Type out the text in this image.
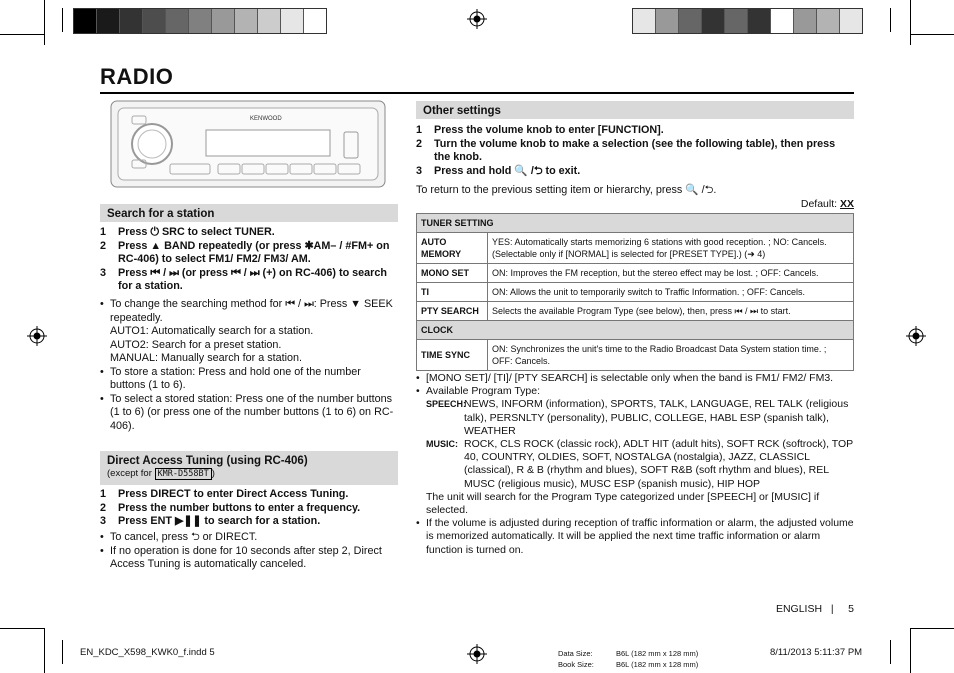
RADIO
KENWOOD
Search for a station
1	Press ⏻ SRC to select TUNER.
2	Press ▲ BAND repeatedly (or press ✱AM– / #FM+ on RC-406) to select FM1/ FM2/ FM3/ AM.
3	Press ⏮ / ⏭ (or press ⏮ / ⏭ (+) on RC-406) to search for a station.
• To change the searching method for ⏮ / ⏭: Press ▼ SEEK repeatedly.
AUTO1: Automatically search for a station.
AUTO2: Search for a preset station.
MANUAL: Manually search for a station.
• To store a station: Press and hold one of the number buttons (1 to 6).
• To select a stored station: Press one of the number buttons (1 to 6) (or press one of the number buttons (1 to 6) on RC-406).
Direct Access Tuning (using RC-406)
(except for KMR-D558BT )
1	Press DIRECT to enter Direct Access Tuning.
2	Press the number buttons to enter a frequency.
3	Press ENT ▶❚❚ to search for a station.
• To cancel, press ⮌ or DIRECT.
• If no operation is done for 10 seconds after step 2, Direct Access Tuning is automatically canceled.
Other settings
1	Press the volume knob to enter [FUNCTION].
2	Turn the volume knob to make a selection (see the following table), then press the knob.
3	Press and hold 🔍 /⮌ to exit.
To return to the previous setting item or hierarchy, press 🔍 /⮌.
Default: XX
TUNER SETTING	
AUTO MEMORY	YES: Automatically starts memorizing 6 stations with good reception. ; NO: Cancels. (Selectable only if [NORMAL] is selected for [PRESET TYPE].) (➜ 4)
MONO SET	ON: Improves the FM reception, but the stereo effect may be lost. ; OFF: Cancels.
TI	ON: Allows the unit to temporarily switch to Traffic Information. ; OFF: Cancels.
PTY SEARCH	Selects the available Program Type (see below), then, press ⏮ / ⏭ to start.
CLOCK	
TIME SYNC	ON: Synchronizes the unit's time to the Radio Broadcast Data System station time. ; OFF: Cancels.
• [MONO SET]/ [TI]/ [PTY SEARCH] is selectable only when the band is FM1/ FM2/ FM3.
• Available Program Type:
SPEECH:
NEWS, INFORM (information), SPORTS, TALK, LANGUAGE, REL TALK (religious talk), PERSNLTY (personality), PUBLIC, COLLEGE, HABL ESP (spanish talk), WEATHER
MUSIC: ROCK, CLS ROCK (classic rock), ADLT HIT (adult hits), SOFT RCK (softrock), TOP 40, COUNTRY, OLDIES, SOFT, NOSTALGA (nostalgia), JAZZ, CLASSICL (classical), R & B (rhythm and blues), SOFT R&B (soft rhythm and blues), REL MUSC (religious music), MUSC ESP (spanish music), HIP HOP
The unit will search for the Program Type categorized under [SPEECH] or [MUSIC] if selected.
• If the volume is adjusted during reception of traffic information or alarm, the adjusted volume is memorized automatically. It will be applied the next time traffic information or alarm function is turned on.
ENGLISH | 5
EN_KDC_X598_KWK0_f.indd 5	Data Size:	B6L (182 mm x 128 mm)
Book Size:	B6L (182 mm x 128 mm)
8/11/2013 5:11:37 PM
